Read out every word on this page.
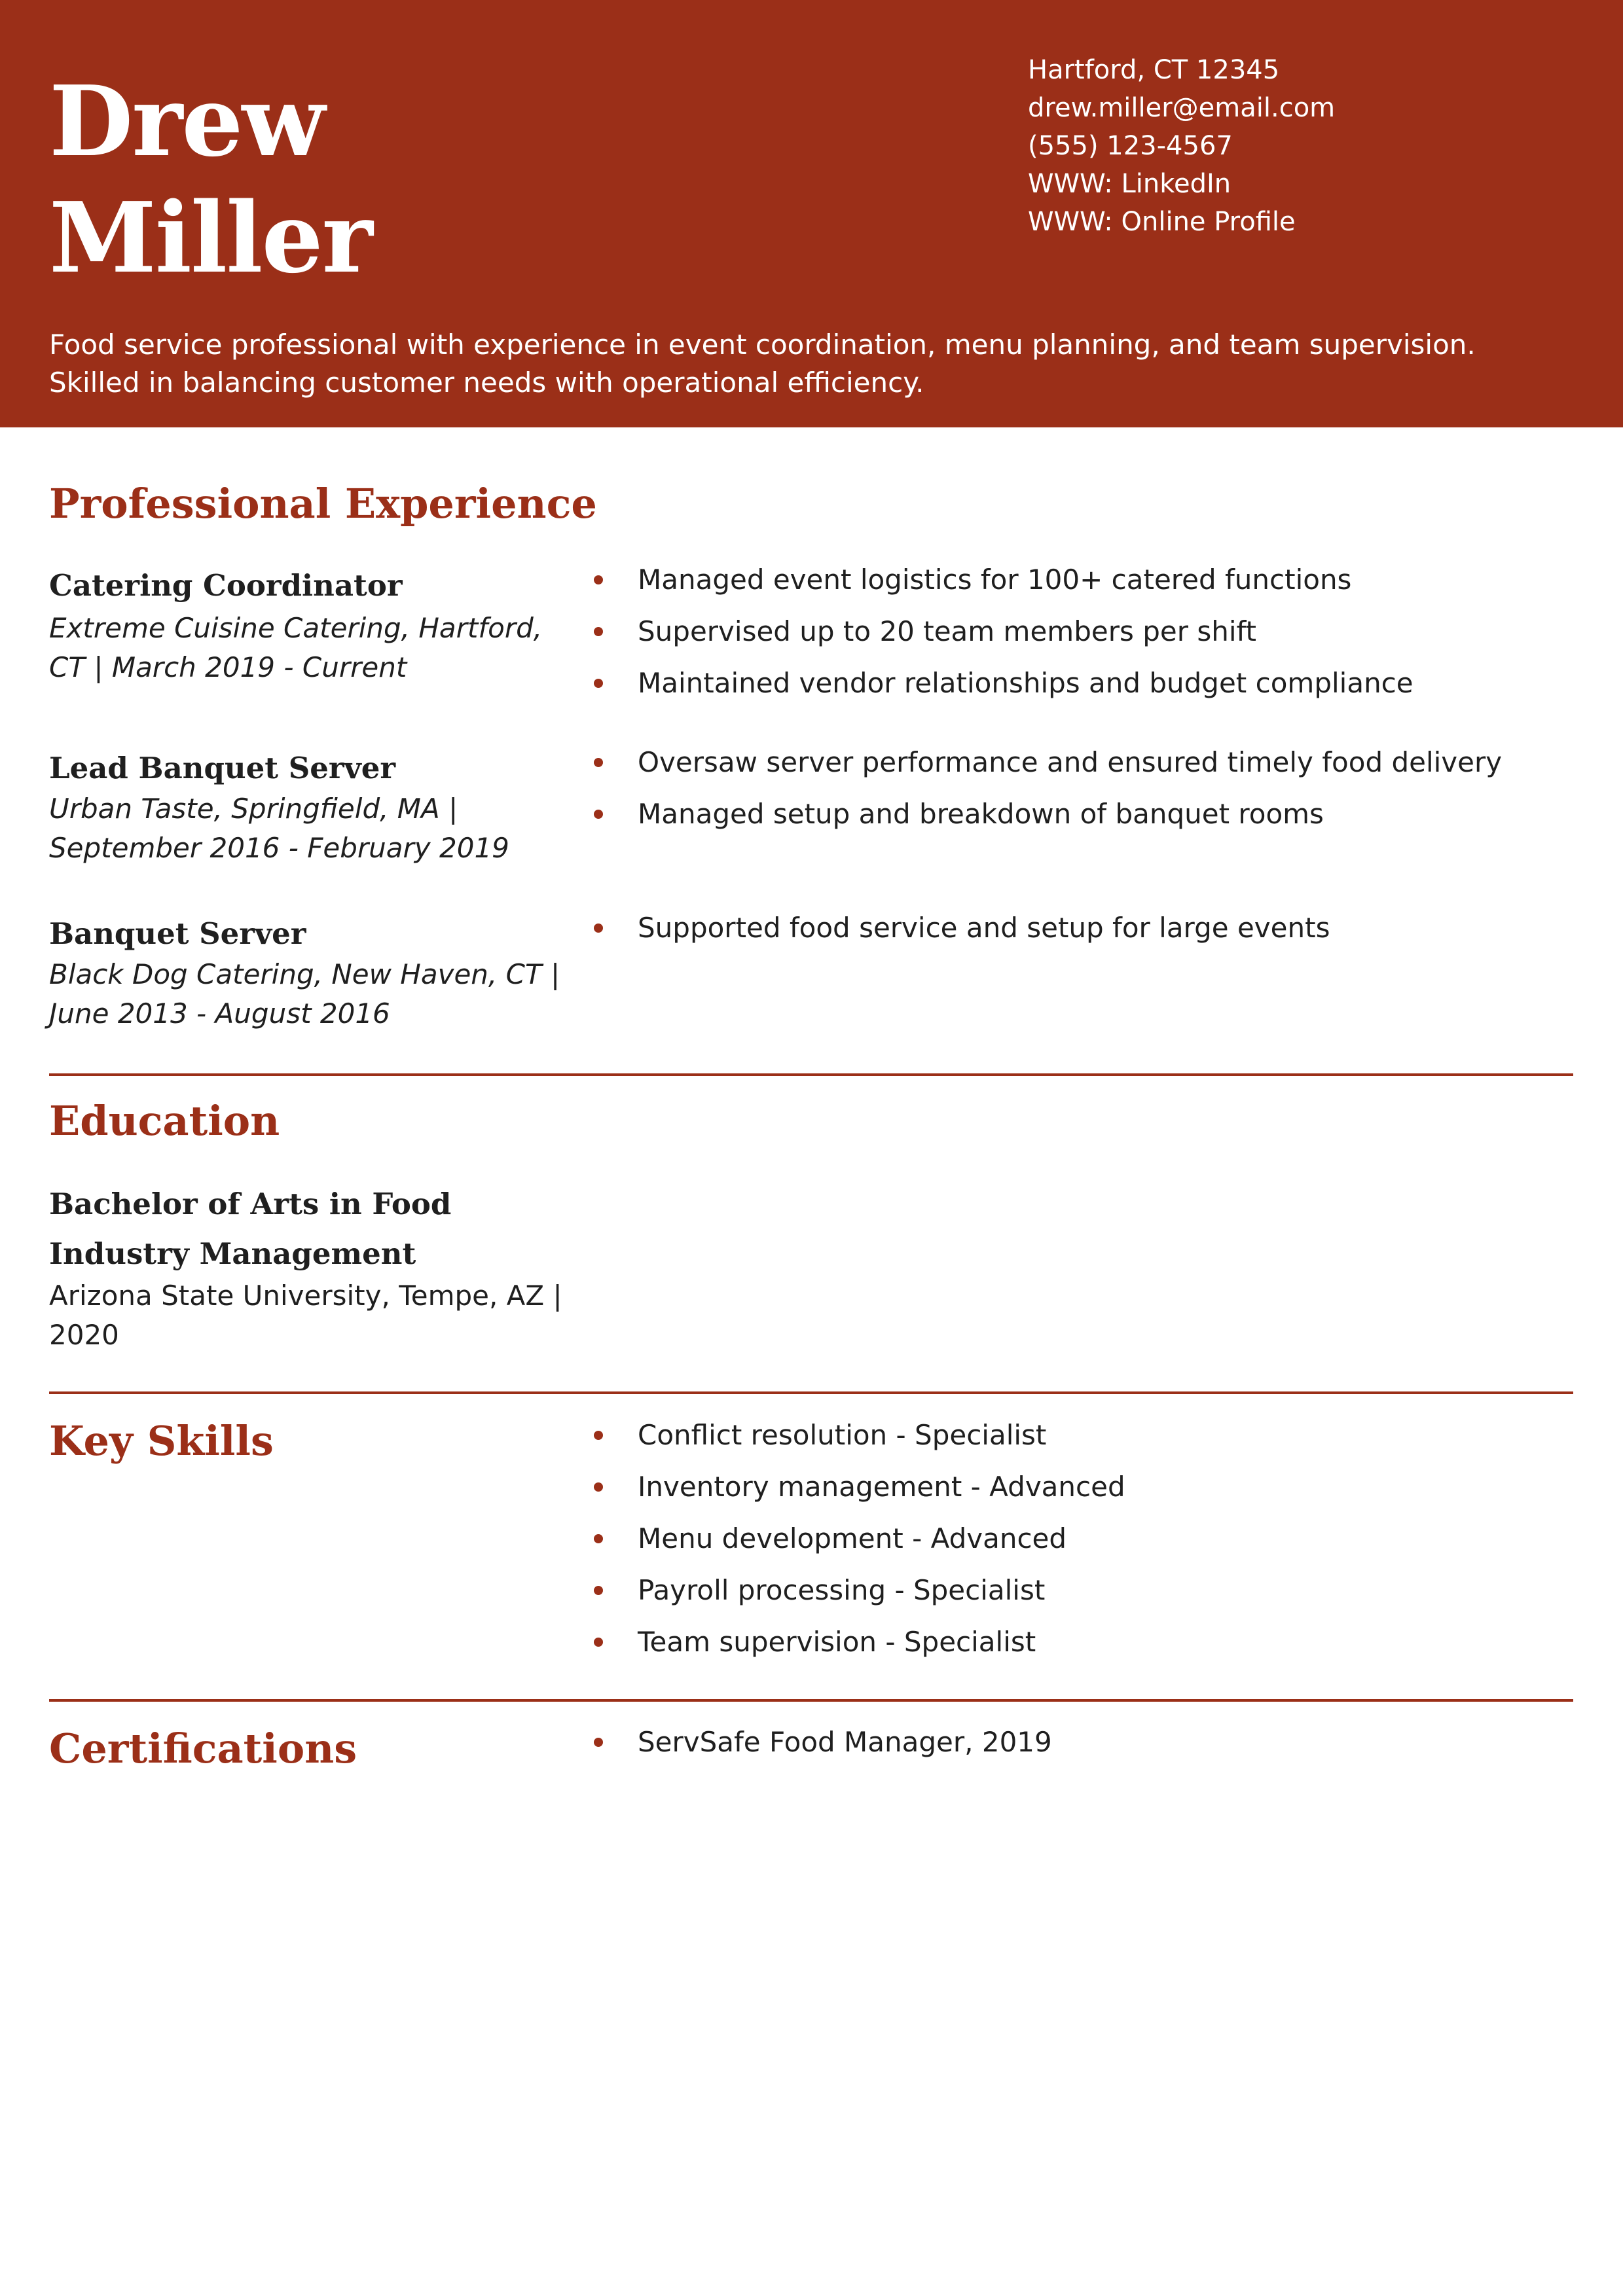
Drew
Miller
Hartford, CT 12345
drew.miller@email.com
(555) 123-4567
WWW: LinkedIn
WWW: Online Profile
Food service professional with experience in event coordination, menu planning, and team supervision. Skilled in balancing customer needs with operational efficiency.
Professional Experience
Catering Coordinator
Extreme Cuisine Catering, Hartford, CT | March 2019 - Current
Managed event logistics for 100+ catered functions
Supervised up to 20 team members per shift
Maintained vendor relationships and budget compliance
Lead Banquet Server
Urban Taste, Springfield, MA | September 2016 - February 2019
Oversaw server performance and ensured timely food delivery
Managed setup and breakdown of banquet rooms
Banquet Server
Black Dog Catering, New Haven, CT | June 2013 - August 2016
Supported food service and setup for large events
Education
Bachelor of Arts in Food Industry Management
Arizona State University, Tempe, AZ | 2020
Key Skills	Conflict resolution - Specialist
Inventory management - Advanced
Menu development - Advanced
Payroll processing - Specialist
Team supervision - Specialist
Certifications	ServSafe Food Manager, 2019
